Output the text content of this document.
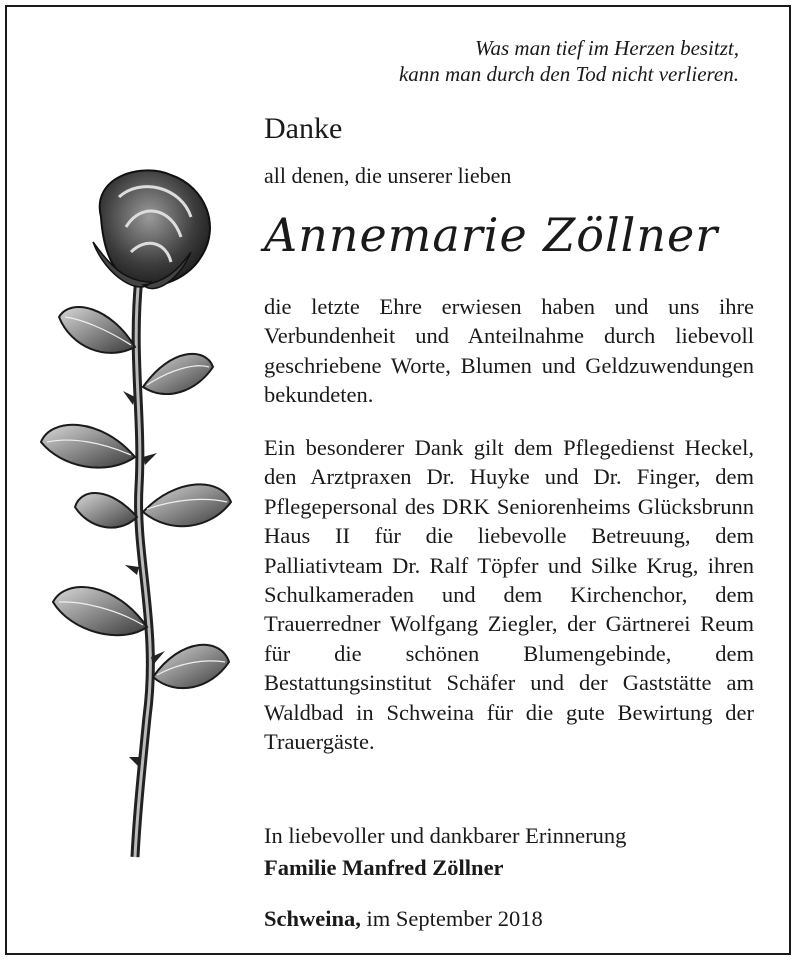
Was man tief im Herzen besitzt,
kann man durch den Tod nicht verlieren.
Danke
all denen, die unserer lieben
Annemarie Zöllner
die letzte Ehre erwiesen haben und uns ihre Verbundenheit und Anteilnahme durch liebevoll geschriebene Worte, Blumen und Geldzuwendungen bekundeten.
Ein besonderer Dank gilt dem Pflegedienst Heckel, den Arztpraxen Dr. Huyke und Dr. Finger, dem Pflegepersonal des DRK Seniorenheims Glücksbrunn Haus II für die liebevolle Betreuung, dem Palliativteam Dr. Ralf Töpfer und Silke Krug, ihren Schulkameraden und dem Kirchenchor, dem Trauerredner Wolfgang Ziegler, der Gärtnerei Reum für die schönen Blumengebinde, dem Bestattungsinstitut Schäfer und der Gaststätte am Waldbad in Schweina für die gute Bewirtung der Trauergäste.
In liebevoller und dankbarer Erinnerung
Familie Manfred Zöllner
Schweina, im September 2018
